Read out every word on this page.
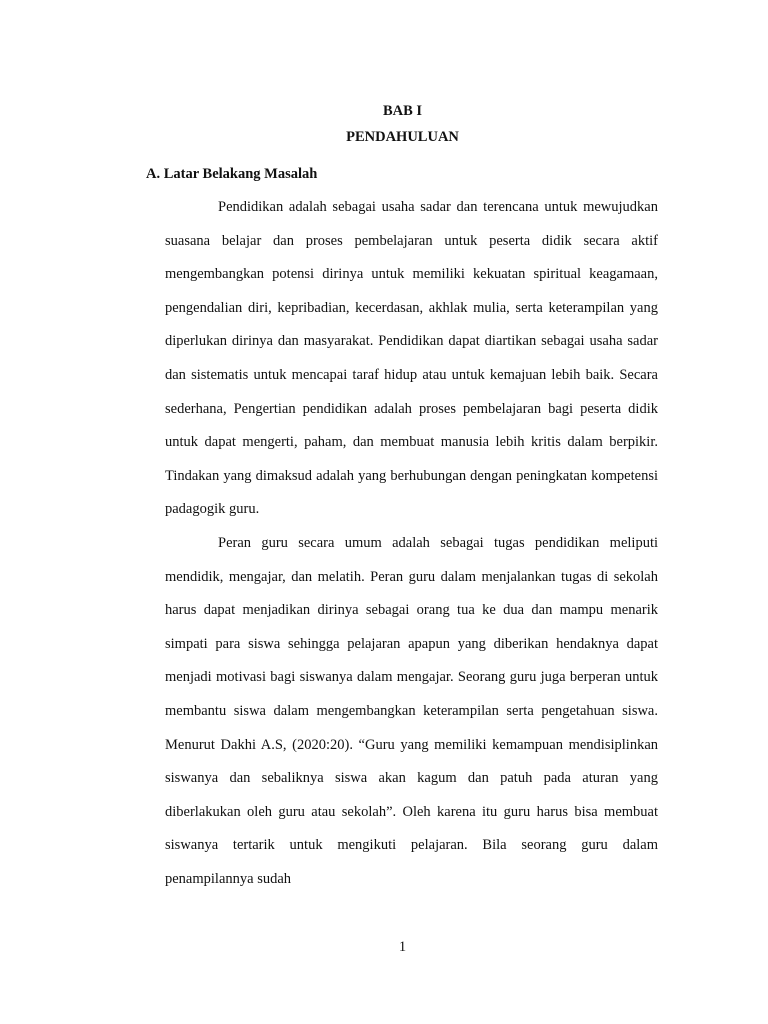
BAB I
PENDAHULUAN
A. Latar Belakang Masalah

Pendidikan adalah sebagai usaha sadar dan terencana untuk mewujudkan suasana belajar dan proses pembelajaran untuk peserta didik secara aktif mengembangkan potensi dirinya untuk memiliki kekuatan spiritual keagamaan, pengendalian diri, kepribadian, kecerdasan, akhlak mulia, serta keterampilan yang diperlukan dirinya dan masyarakat. Pendidikan dapat diartikan sebagai usaha sadar dan sistematis untuk mencapai taraf hidup atau untuk kemajuan lebih baik. Secara sederhana, Pengertian pendidikan adalah proses pembelajaran bagi peserta didik untuk dapat mengerti, paham, dan membuat manusia lebih kritis dalam berpikir. Tindakan yang dimaksud adalah yang berhubungan dengan peningkatan kompetensi padagogik guru.

Peran guru secara umum adalah sebagai tugas pendidikan meliputi mendidik, mengajar, dan melatih. Peran guru dalam menjalankan tugas di sekolah harus dapat menjadikan dirinya sebagai orang tua ke dua dan mampu menarik simpati para siswa sehingga pelajaran apapun yang diberikan hendaknya dapat menjadi motivasi bagi siswanya dalam mengajar. Seorang guru juga berperan untuk membantu siswa dalam mengembangkan keterampilan serta pengetahuan siswa. Menurut Dakhi A.S, (2020:20). “Guru yang memiliki kemampuan mendisiplinkan siswanya dan sebaliknya siswa akan kagum dan patuh pada aturan yang diberlakukan oleh guru atau sekolah”. Oleh karena itu guru harus bisa membuat siswanya tertarik untuk mengikuti pelajaran. Bila seorang guru dalam penampilannya sudah

1
